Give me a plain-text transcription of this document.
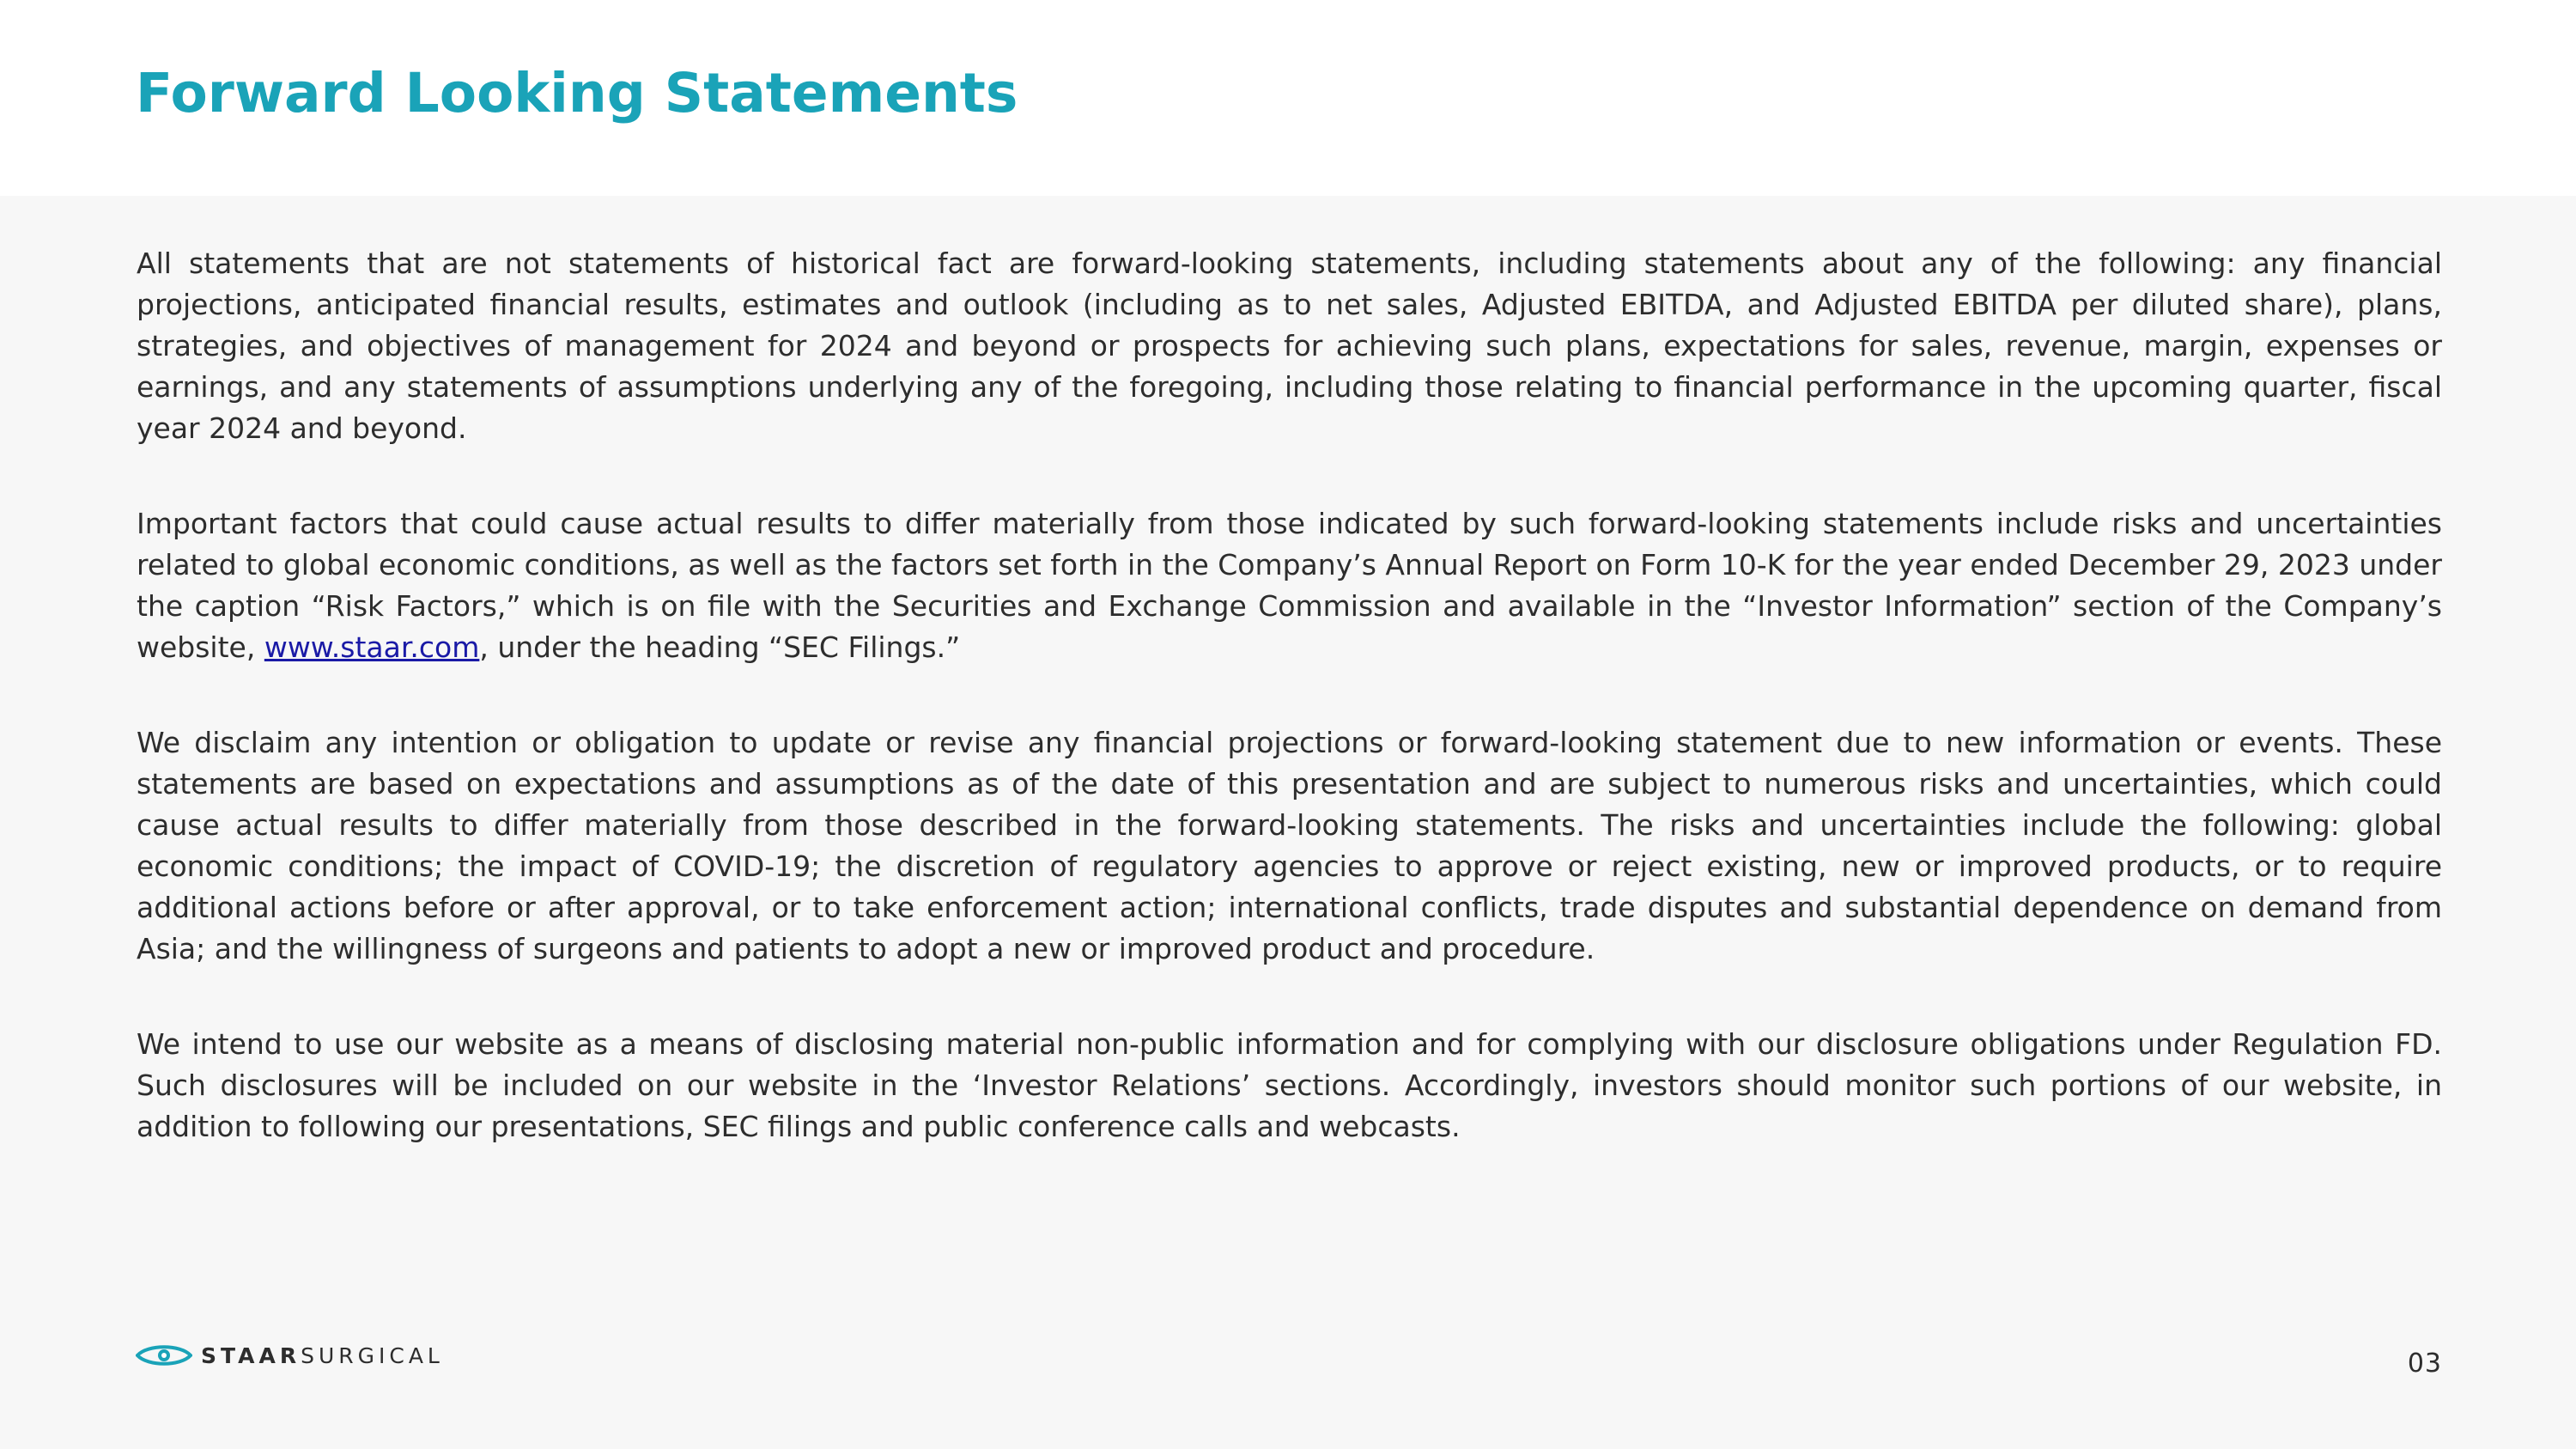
Forward Looking Statements

All statements that are not statements of historical fact are forward-looking statements, including statements about any of the following: any financial projections, anticipated financial results, estimates and outlook (including as to net sales, Adjusted EBITDA, and Adjusted EBITDA per diluted share), plans, strategies, and objectives of management for 2024 and beyond or prospects for achieving such plans, expectations for sales, revenue, margin, expenses or earnings, and any statements of assumptions underlying any of the foregoing, including those relating to financial performance in the upcoming quarter, fiscal year 2024 and beyond.

Important factors that could cause actual results to differ materially from those indicated by such forward-looking statements include risks and uncertainties related to global economic conditions, as well as the factors set forth in the Company’s Annual Report on Form 10-K for the year ended December 29, 2023 under the caption “Risk Factors,” which is on file with the Securities and Exchange Commission and available in the “Investor Information” section of the Company’s website, www.staar.com, under the heading “SEC Filings.”

We disclaim any intention or obligation to update or revise any financial projections or forward-looking statement due to new information or events. These statements are based on expectations and assumptions as of the date of this presentation and are subject to numerous risks and uncertainties, which could cause actual results to differ materially from those described in the forward-looking statements. The risks and uncertainties include the following: global economic conditions; the impact of COVID-19; the discretion of regulatory agencies to approve or reject existing, new or improved products, or to require additional actions before or after approval, or to take enforcement action; international conflicts, trade disputes and substantial dependence on demand from Asia; and the willingness of surgeons and patients to adopt a new or improved product and procedure.

We intend to use our website as a means of disclosing material non-public information and for complying with our disclosure obligations under Regulation FD. Such disclosures will be included on our website in the ‘Investor Relations’ sections. Accordingly, investors should monitor such portions of our website, in addition to following our presentations, SEC filings and public conference calls and webcasts.

STAARSURGICAL	03
